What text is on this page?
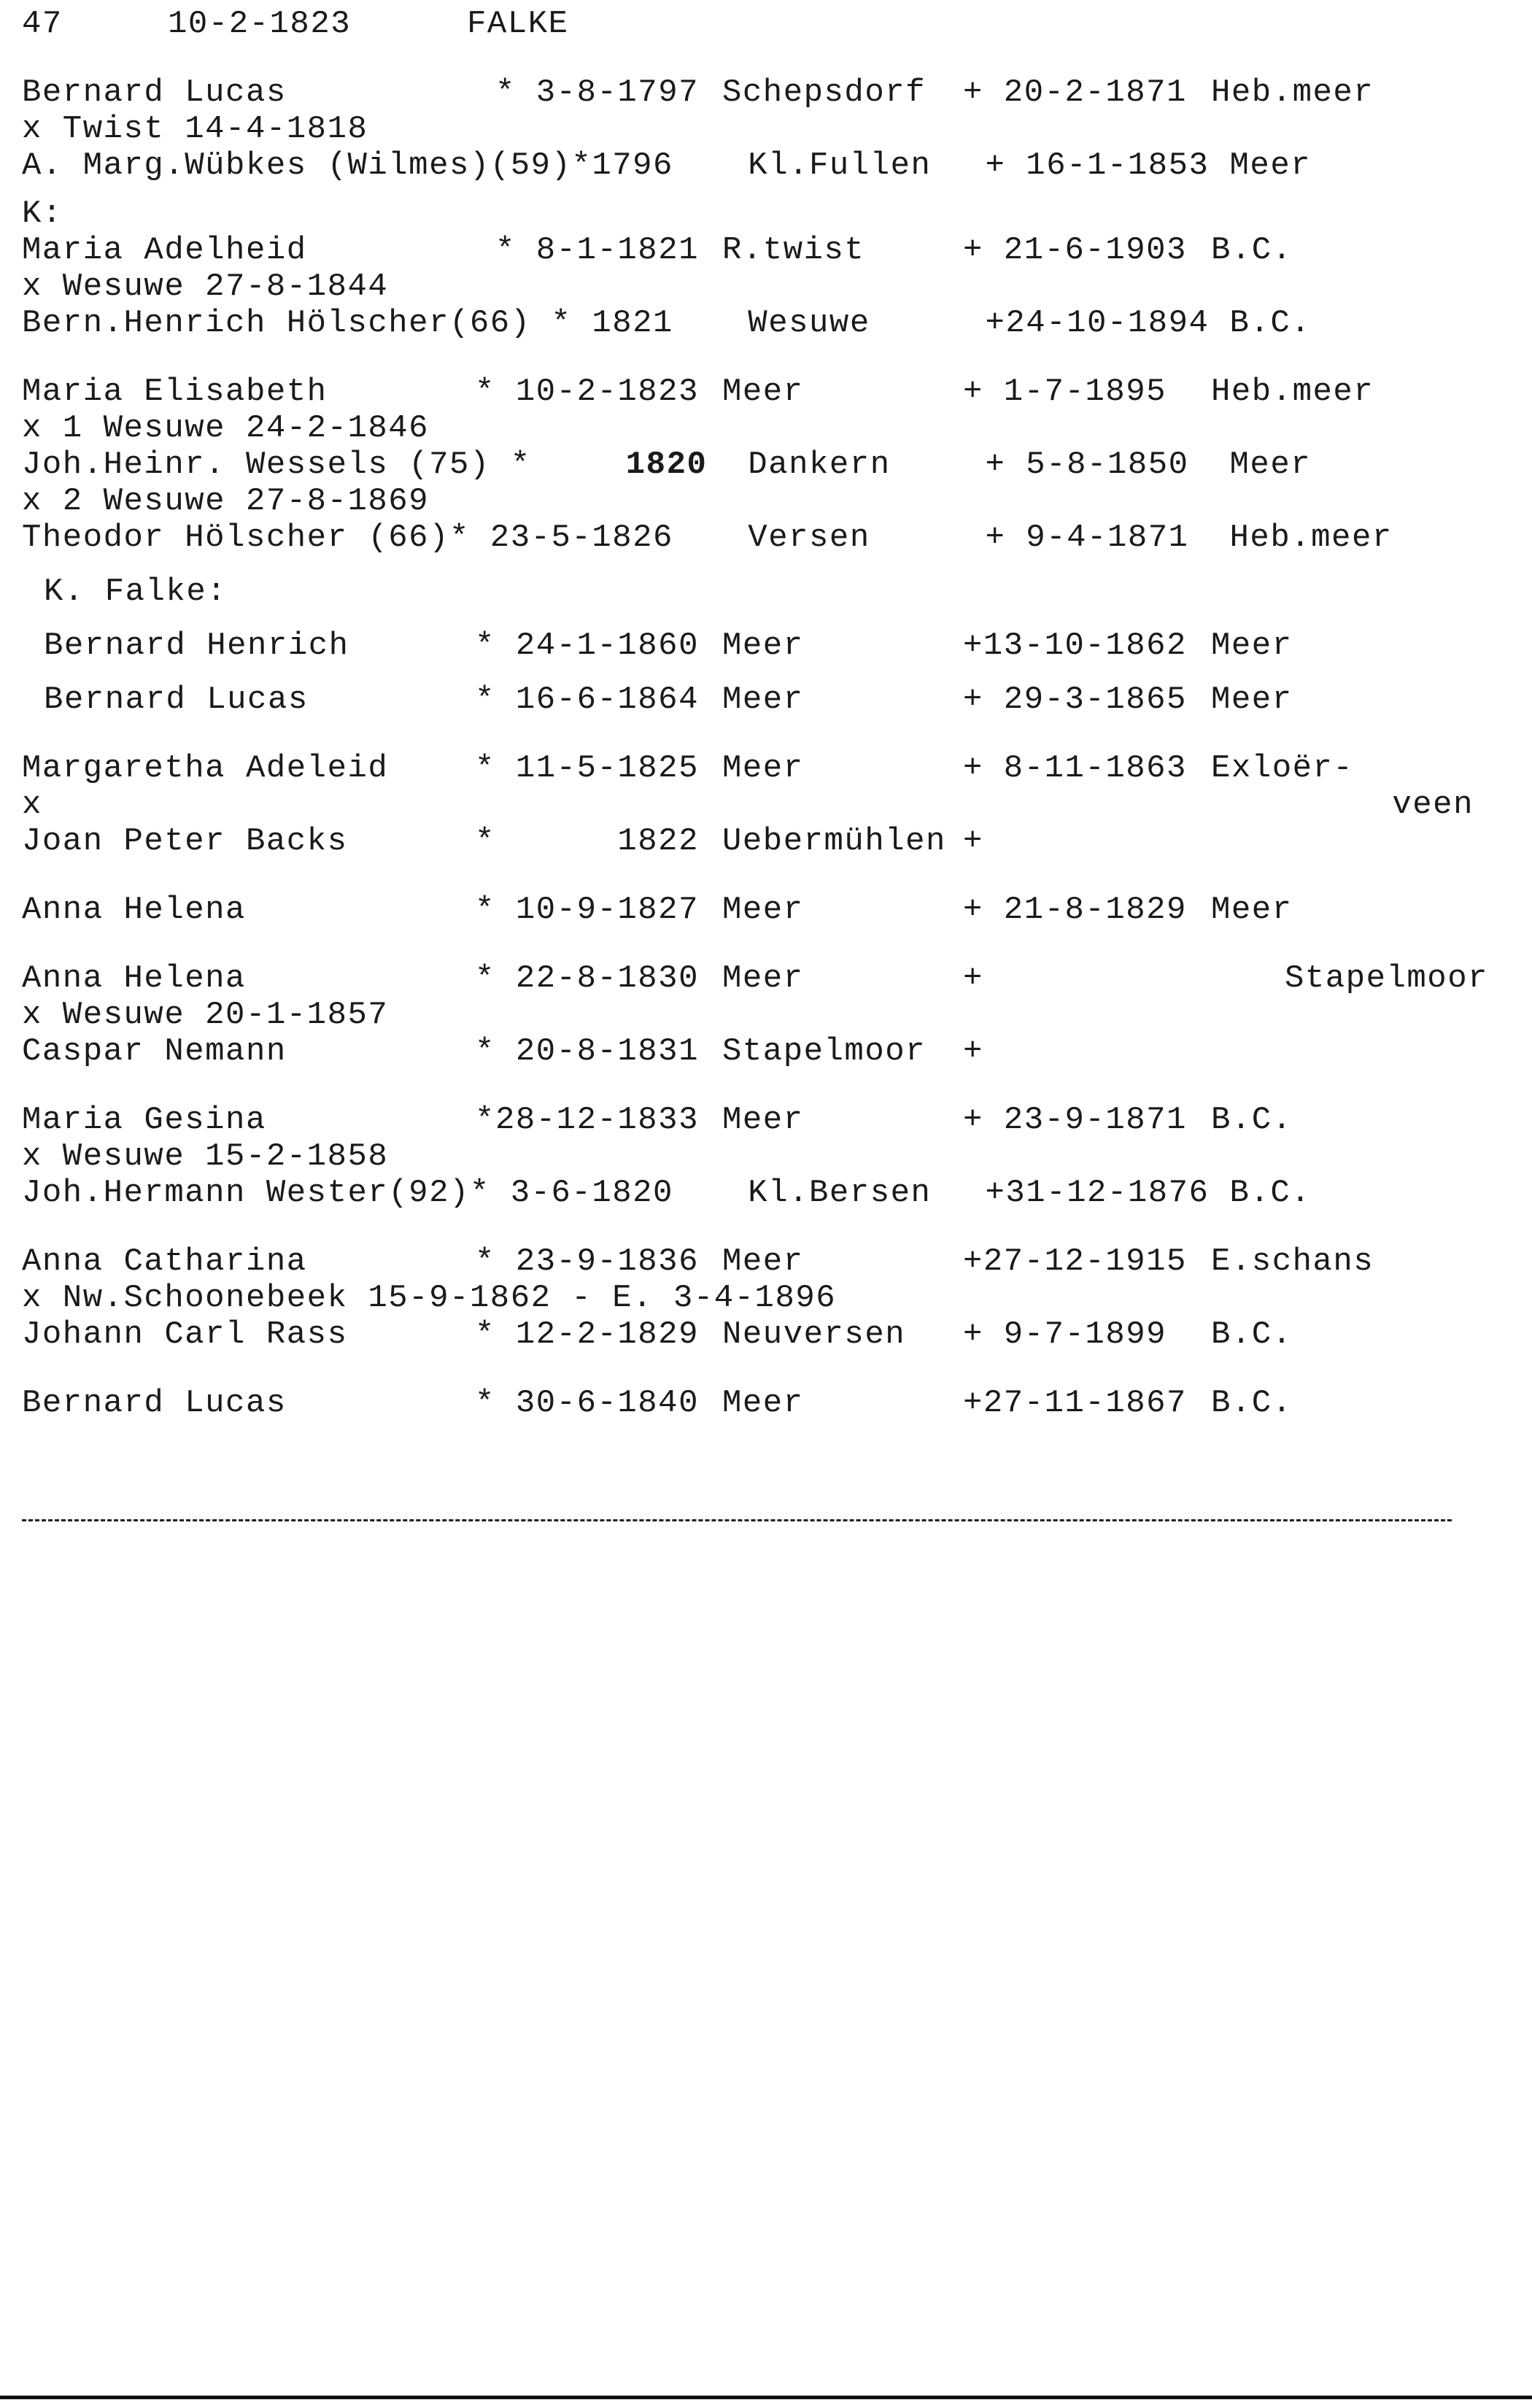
47	10-2-1823	FALKE
Bernard Lucas	* 3-8-1797 Schepsdorf	+ 20-2-1871 Heb.meer
x Twist 14-4-1818
A. Marg.Wübkes (Wilmes)(59)*1796	Kl.Fullen	+ 16-1-1853 Meer
K:
Maria Adelheid	* 8-1-1821 R.twist	+ 21-6-1903 B.C.
x Wesuwe 27-8-1844
Bern.Henrich Hölscher(66) * 1821	Wesuwe	+24-10-1894 B.C.
Maria Elisabeth	* 10-2-1823 Meer	+ 1-7-1895	Heb.meer
x 1 Wesuwe 24-2-1846
Joh.Heinr. Wessels (75) *	1820	Dankern	+ 5-8-1850	Meer
x 2 Wesuwe 27-8-1869
Theodor Hölscher (66)* 23-5-1826	Versen	+ 9-4-1871	Heb.meer
K. Falke:
Bernard Henrich	* 24-1-1860 Meer	+13-10-1862 Meer
Bernard Lucas	* 16-6-1864 Meer	+ 29-3-1865 Meer
Margaretha Adeleid	* 11-5-1825 Meer	+ 8-11-1863 Exloër-
x	veen
Joan Peter Backs	*      1822 Uebermühlen +
Anna Helena	* 10-9-1827 Meer	+ 21-8-1829 Meer
Anna Helena	* 22-8-1830 Meer	+	Stapelmoor
x Wesuwe 20-1-1857
Caspar Nemann	* 20-8-1831 Stapelmoor	+
Maria Gesina	*28-12-1833 Meer	+ 23-9-1871 B.C.
x Wesuwe 15-2-1858
Joh.Hermann Wester(92)* 3-6-1820	Kl.Bersen	+31-12-1876 B.C.
Anna Catharina	* 23-9-1836 Meer	+27-12-1915 E.schans
x Nw.Schoonebeek 15-9-1862 - E. 3-4-1896
Johann Carl Rass	* 12-2-1829 Neuversen	+ 9-7-1899	B.C.
Bernard Lucas	* 30-6-1840 Meer	+27-11-1867 B.C.
